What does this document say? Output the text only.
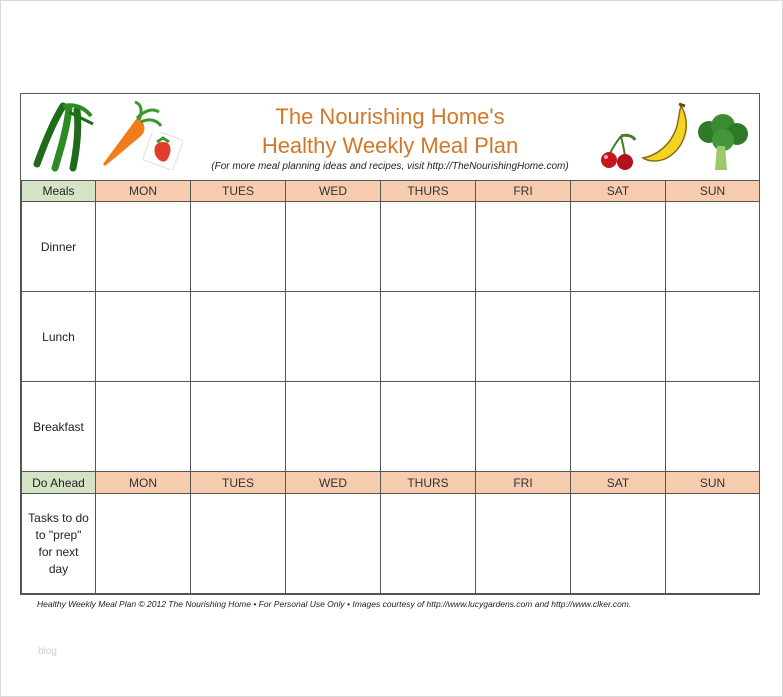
The Nourishing Home's
Healthy Weekly Meal Plan
(For more meal planning ideas and recipes, visit http://TheNourishingHome.com)
Meals	MON	TUES	WED	THURS	FRI	SAT	SUN
Dinner							
Lunch							
Breakfast							
Do Ahead	MON	TUES	WED	THURS	FRI	SAT	SUN

Tasks to do
to "prep"
for next
day							

Healthy Weekly Meal Plan © 2012 The Nourishing Home • For Personal Use Only • Images courtesy of http://www.lucygardens.com and http://www.clker.com.
blog
